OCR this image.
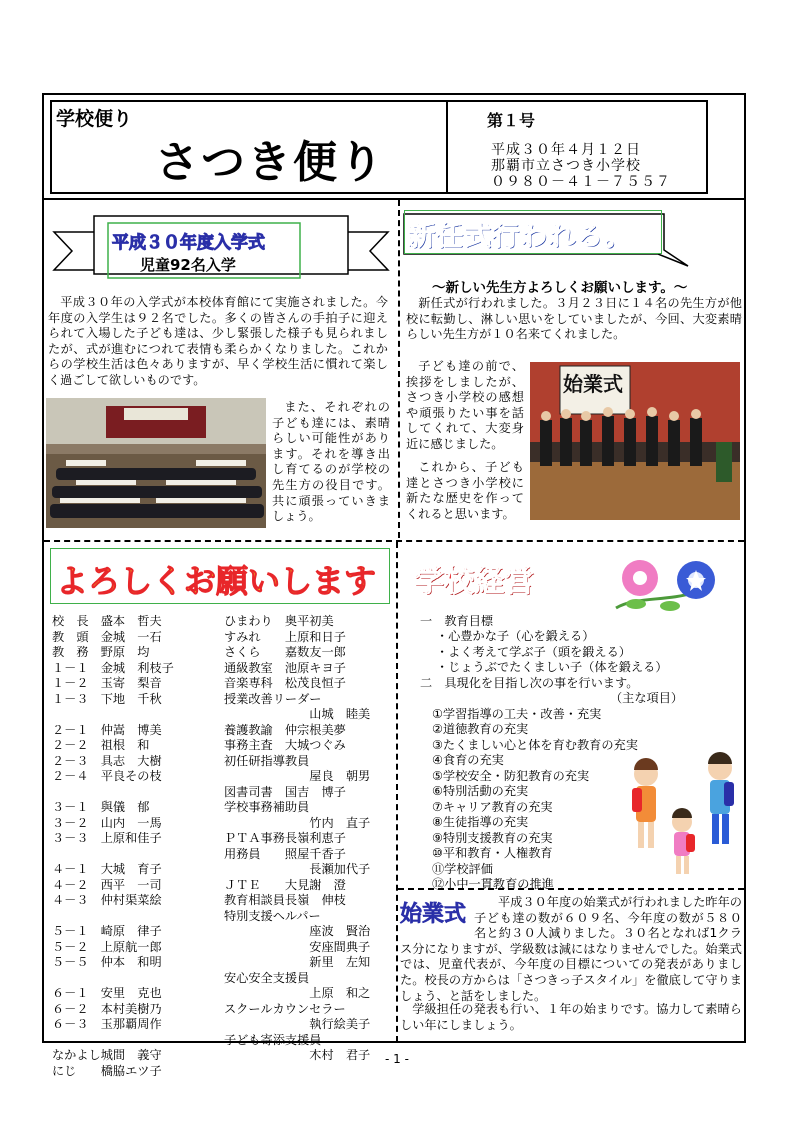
学校便り
さつき便り
第１号
平成３０年４月１２日
那覇市立さつき小学校
０９８０－４１－７５５７
平成３０年度入学式
児童92名入学
平成３０年の入学式が本校体育館にて実施されました。今年度の入学生は９２名でした。多くの皆さんの手拍子に迎えられて入場した子ども達は、少し緊張した様子も見られましたが、式が進むにつれて表情も柔らかくなりました。これからの学校生活は色々ありますが、早く学校生活に慣れて楽しく過ごして欲しいものです。
また、それぞれの子ども達には、素晴らしい可能性があります。それを導き出し育てるのが学校の先生方の役目です。共に頑張っていきましょう。
新任式行われる。
～新しい先生方よろしくお願いします。～
新任式が行われました。３月２３日に１４名の先生方が他校に転勤し、淋しい思いをしていましたが、今回、大変素晴らしい先生方が１０名来てくれました。
子ども達の前で、挨拶をしましたが、さつき小学校の感想や頑張りたい事を話してくれて、大変身近に感じました。
これから、子ども達とさつき小学校に新たな歴史を作ってくれると思います。
始業式
よろしくお願いします
校　長　盛本　哲夫
教　頭　金城　一石
教　務　野原　均
１－１　金城　利枝子
１－２　玉寄　梨音
１－３　下地　千秋
２－１　仲嵩　博美
２－２　祖根　和
２－３　具志　大樹
２－４　平良その枝
３－１　與儀　郁
３－２　山内　一馬
３－３　上原和佳子
４－１　大城　育子
４－２　西平　一司
４－３　仲村渠菜絵
５－１　崎原　律子
５－２　上原航一郎
５－５　仲本　和明
６－１　安里　克也
６－２　本村美樹乃
６－３　玉那覇周作
なかよし城間　義守
にじ　　橋脇エツ子
ひまわり　奥平初美
すみれ　　上原和日子
さくら　　嘉数友一郎
通級教室　池原キヨ子
音楽専科　松茂良恒子
授業改善リーダー
　　　　　　　山城　睦美
養護教諭　仲宗根美夢
事務主査　大城つぐみ
初任研指導教員
　　　　　　　屋良　朝男
図書司書　国吉　博子
学校事務補助員
　　　　　　　竹内　直子
ＰＴＡ事務長嶺利恵子
用務員　　照屋千香子
　　　　　　　長瀬加代子
ＪＴＥ　　大見謝　澄
教育相談員長嶺　伸枝
特別支援ヘルパー
　　　　　　　座波　賢治
　　　　　　　安座間典子
　　　　　　　新里　左知
安心安全支援員
　　　　　　　上原　和之
スクールカウンセラー
　　　　　　　執行絵美子
子ども寄添支援員
　　　　　　　木村　君子
学校経営
一　教育目標
・心豊かな子（心を鍛える）
・よく考えて学ぶ子（頭を鍛える）
・じょうぶでたくましい子（体を鍛える）
二　具現化を目指し次の事を行います。
（主な項目）
①学習指導の工夫・改善・充実
②道徳教育の充実
③たくましい心と体を育む教育の充実
④食育の充実
⑤学校安全・防犯教育の充実
⑥特別活動の充実
⑦キャリア教育の充実
⑧生徒指導の充実
⑨特別支援教育の充実
⑩平和教育・人権教育
⑪学校評価
⑫小中一貫教育の推進
始業式	平成３０年度の始業式が行われました昨年の子ども達の数が６０９名、今年度の数が５８０名と約３０人減りました。３０名となれば1クラス分になりますが、学級数は減にはなりませんでした。始業式では、児童代表が、今年度の目標についての発表がありました。校長の方からは「さつきっ子スタイル」を徹底して守りましょう、と話をしました。
学級担任の発表も行い、１年の始まりです。協力して素晴らしい年にしましょう。
- 1 -
